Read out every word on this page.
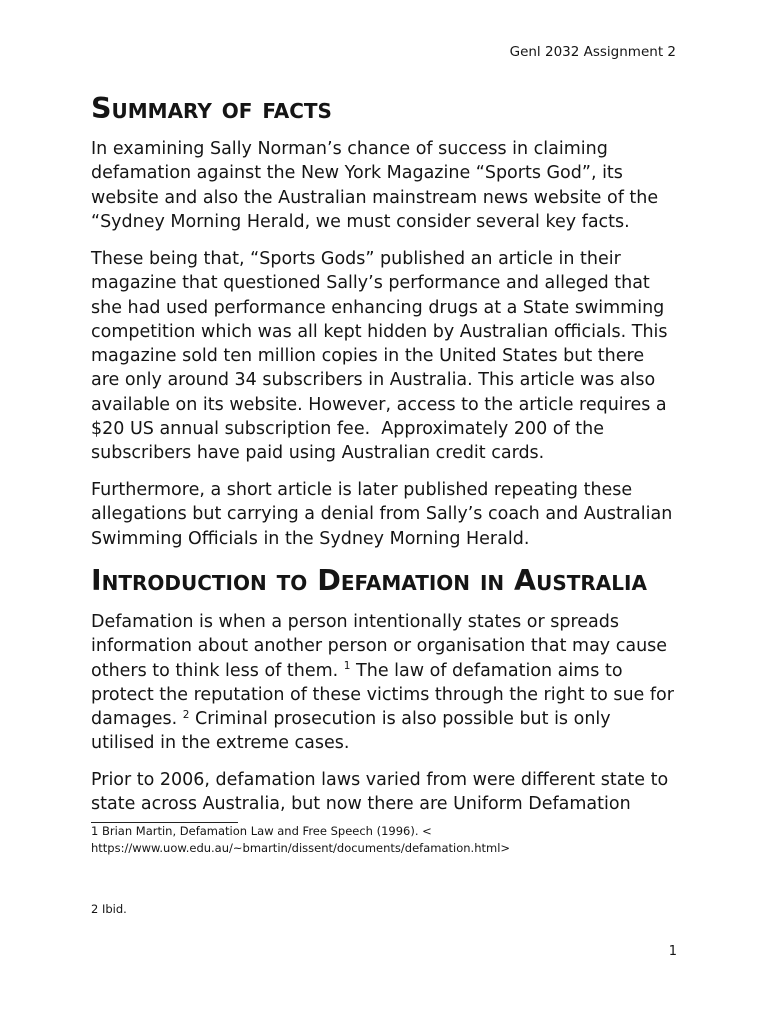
Genl 2032 Assignment 2
Summary of facts
In examining Sally Norman’s chance of success in claiming
defamation against the New York Magazine “Sports God”, its
website and also the Australian mainstream news website of the
“Sydney Morning Herald, we must consider several key facts.
These being that, “Sports Gods” published an article in their
magazine that questioned Sally’s performance and alleged that
she had used performance enhancing drugs at a State swimming
competition which was all kept hidden by Australian officials. This
magazine sold ten million copies in the United States but there
are only around 34 subscribers in Australia. This article was also
available on its website. However, access to the article requires a
$20 US annual subscription fee.  Approximately 200 of the
subscribers have paid using Australian credit cards.
Furthermore, a short article is later published repeating these
allegations but carrying a denial from Sally’s coach and Australian
Swimming Officials in the Sydney Morning Herald.
Introduction to Defamation in Australia
Defamation is when a person intentionally states or spreads
information about another person or organisation that may cause
others to think less of them. $^1$ The law of defamation aims to
protect the reputation of these victims through the right to sue for
damages. $^2$ Criminal prosecution is also possible but is only
utilised in the extreme cases.
Prior to 2006, defamation laws varied from were different state to
state across Australia, but now there are Uniform Defamation
1 Brian Martin, Defamation Law and Free Speech (1996). <
https://www.uow.edu.au/~bmartin/dissent/documents/defamation.html>
2 Ibid.
1
